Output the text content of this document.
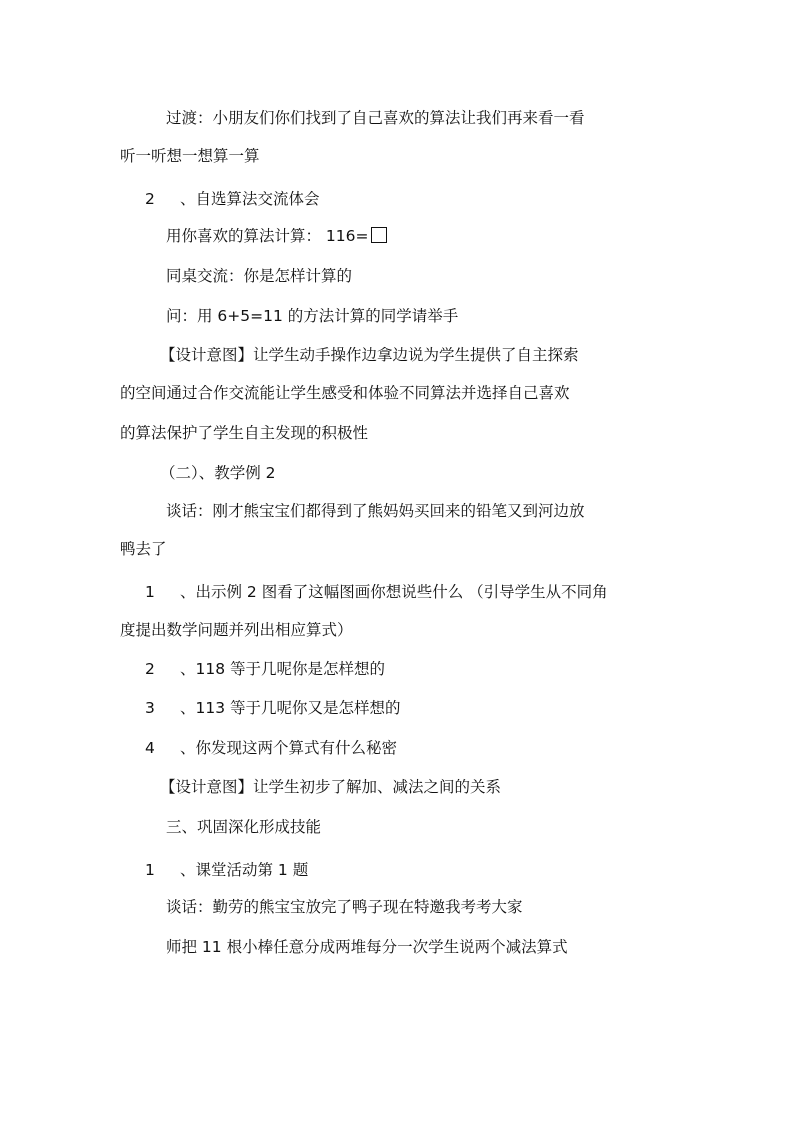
过渡：小朋友们你们找到了自己喜欢的算法让我们再来看一看
听一听想一想算一算
2 、自选算法交流体会
用你喜欢的算法计算： 116=
同桌交流：你是怎样计算的
问：用 6+5=11 的方法计算的同学请举手
【设计意图】让学生动手操作边拿边说为学生提供了自主探索
的空间通过合作交流能让学生感受和体验不同算法并选择自己喜欢
的算法保护了学生自主发现的积极性
（二）、教学例 2
谈话：刚才熊宝宝们都得到了熊妈妈买回来的铅笔又到河边放
鸭去了
1 、出示例 2 图看了这幅图画你想说些什么 （引导学生从不同角
度提出数学问题并列出相应算式）
2 、118 等于几呢你是怎样想的
3 、113 等于几呢你又是怎样想的
4 、你发现这两个算式有什么秘密
【设计意图】让学生初步了解加、减法之间的关系
三、巩固深化形成技能
1 、课堂活动第 1 题
谈话：勤劳的熊宝宝放完了鸭子现在特邀我考考大家
师把 11 根小棒任意分成两堆每分一次学生说两个减法算式
